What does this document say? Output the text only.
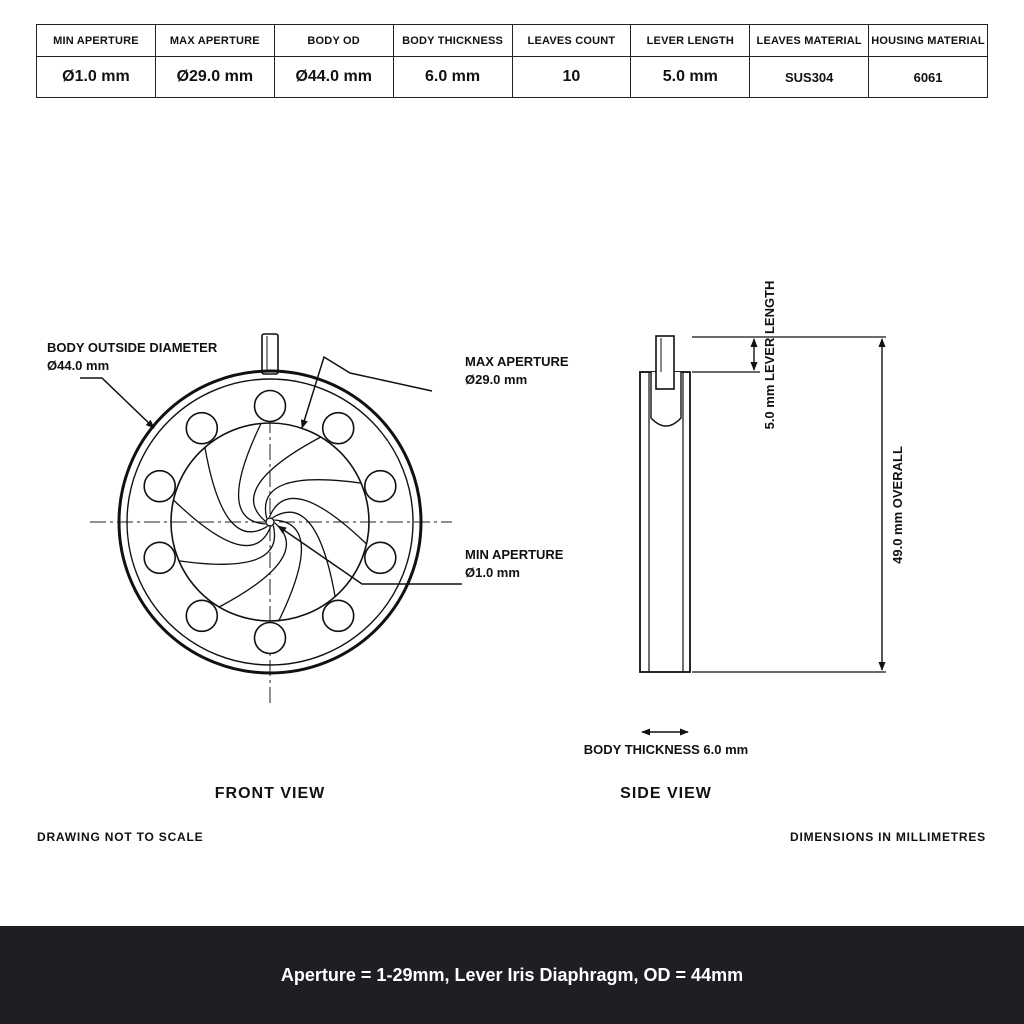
MIN APERTURE	MAX APERTURE	BODY OD	BODY THICKNESS	LEAVES COUNT	LEVER LENGTH	LEAVES MATERIAL	HOUSING MATERIAL
Ø1.0 mm	Ø29.0 mm	Ø44.0 mm	6.0 mm	10	5.0 mm	SUS304	6061
BODY OUTSIDE DIAMETER
Ø44.0 mm	MAX APERTURE
Ø29.0 mm
MIN APERTURE
Ø1.0 mm
FRONT VIEW
5.0 mm LEVER LENGTH
49.0 mm OVERALL
BODY THICKNESS 6.0 mm
SIDE VIEW
DRAWING NOT TO SCALE	DIMENSIONS IN MILLIMETRES
Aperture = 1-29mm, Lever Iris Diaphragm, OD = 44mm
